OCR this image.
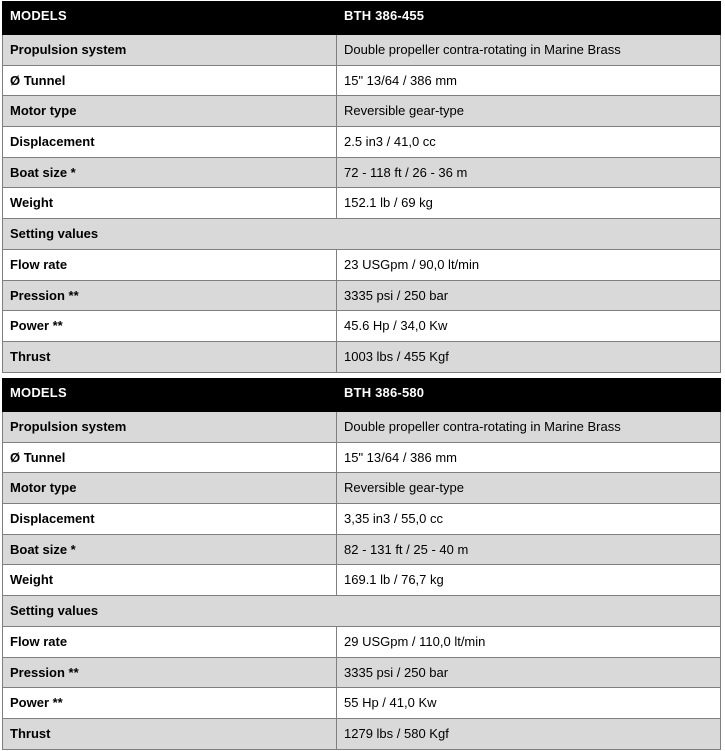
MODELS	BTH 386-455
Propulsion system	Double propeller contra-rotating in Marine Brass
Ø Tunnel	15" 13/64 / 386 mm
Motor type	Reversible gear-type
Displacement	2.5 in3 / 41,0 cc
Boat size *	72 - 118 ft / 26 - 36 m
Weight	152.1 lb / 69 kg
Setting values	
Flow rate	23 USGpm / 90,0 lt/min
Pression **	3335 psi / 250 bar
Power **	45.6 Hp / 34,0 Kw
Thrust	1003 lbs / 455 Kgf
MODELS	BTH 386-580
Propulsion system	Double propeller contra-rotating in Marine Brass
Ø Tunnel	15" 13/64 / 386 mm
Motor type	Reversible gear-type
Displacement	3,35 in3 / 55,0 cc
Boat size *	82 - 131 ft / 25 - 40 m
Weight	169.1 lb / 76,7 kg
Setting values	
Flow rate	29 USGpm / 110,0 lt/min
Pression **	3335 psi / 250 bar
Power **	55 Hp / 41,0 Kw
Thrust	1279 lbs / 580 Kgf
